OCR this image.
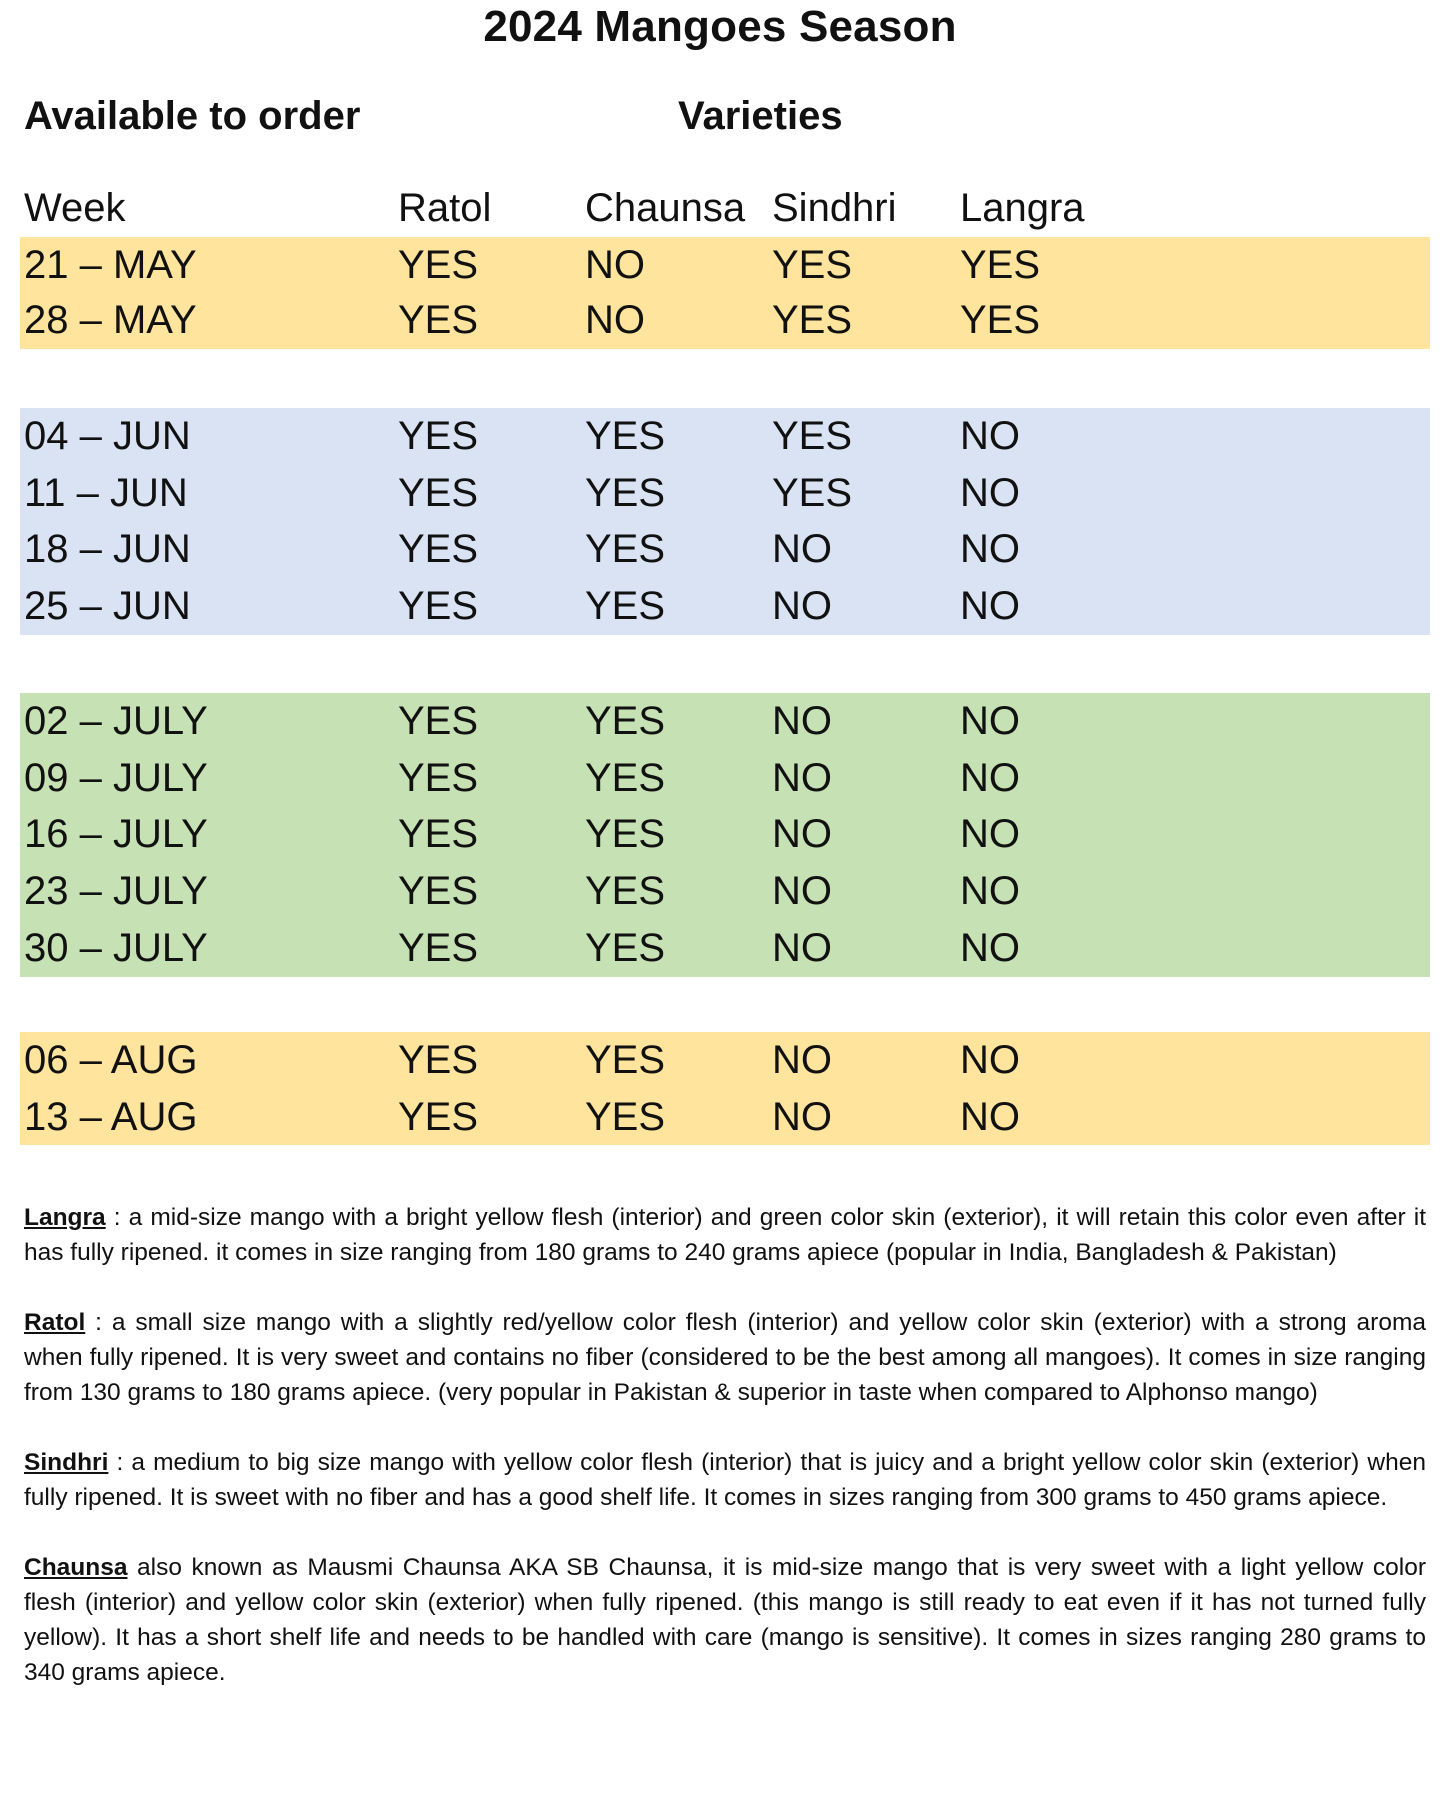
2024 Mangoes Season
Available to order	Varieties
Week	Ratol Chaunsa Sindhri Langra
21 – MAY	YES	NO	YES	YES
28 – MAY	YES	NO	YES	YES
04 – JUN	YES	YES	YES	NO
11 – JUN	YES	YES	YES	NO
18 – JUN	YES	YES	NO	NO
25 – JUN	YES	YES	NO	NO
02 – JULY	YES	YES	NO	NO
09 – JULY	YES	YES	NO	NO
16 – JULY	YES	YES	NO	NO
23 – JULY	YES	YES	NO	NO
30 – JULY	YES	YES	NO	NO
06 – AUG	YES	YES	NO	NO
13 – AUG	YES	YES	NO	NO

Langra : a mid-size mango with a bright yellow flesh (interior) and green color skin (exterior), it will retain this color even after it has fully ripened. it comes in size ranging from 180 grams to 240 grams apiece (popular in India, Bangladesh & Pakistan)

Ratol : a small size mango with a slightly red/yellow color flesh (interior) and yellow color skin (exterior) with a strong aroma when fully ripened. It is very sweet and contains no fiber (considered to be the best among all mangoes). It comes in size ranging from 130 grams to 180 grams apiece. (very popular in Pakistan & superior in taste when compared to Alphonso mango)

Sindhri : a medium to big size mango with yellow color flesh (interior) that is juicy and a bright yellow color skin (exterior) when fully ripened. It is sweet with no fiber and has a good shelf life. It comes in sizes ranging from 300 grams to 450 grams apiece.

Chaunsa also known as Mausmi Chaunsa AKA SB Chaunsa, it is mid-size mango that is very sweet with a light yellow color flesh (interior) and yellow color skin (exterior) when fully ripened. (this mango is still ready to eat even if it has not turned fully yellow). It has a short shelf life and needs to be handled with care (mango is sensitive). It comes in sizes ranging 280 grams to 340 grams apiece.
